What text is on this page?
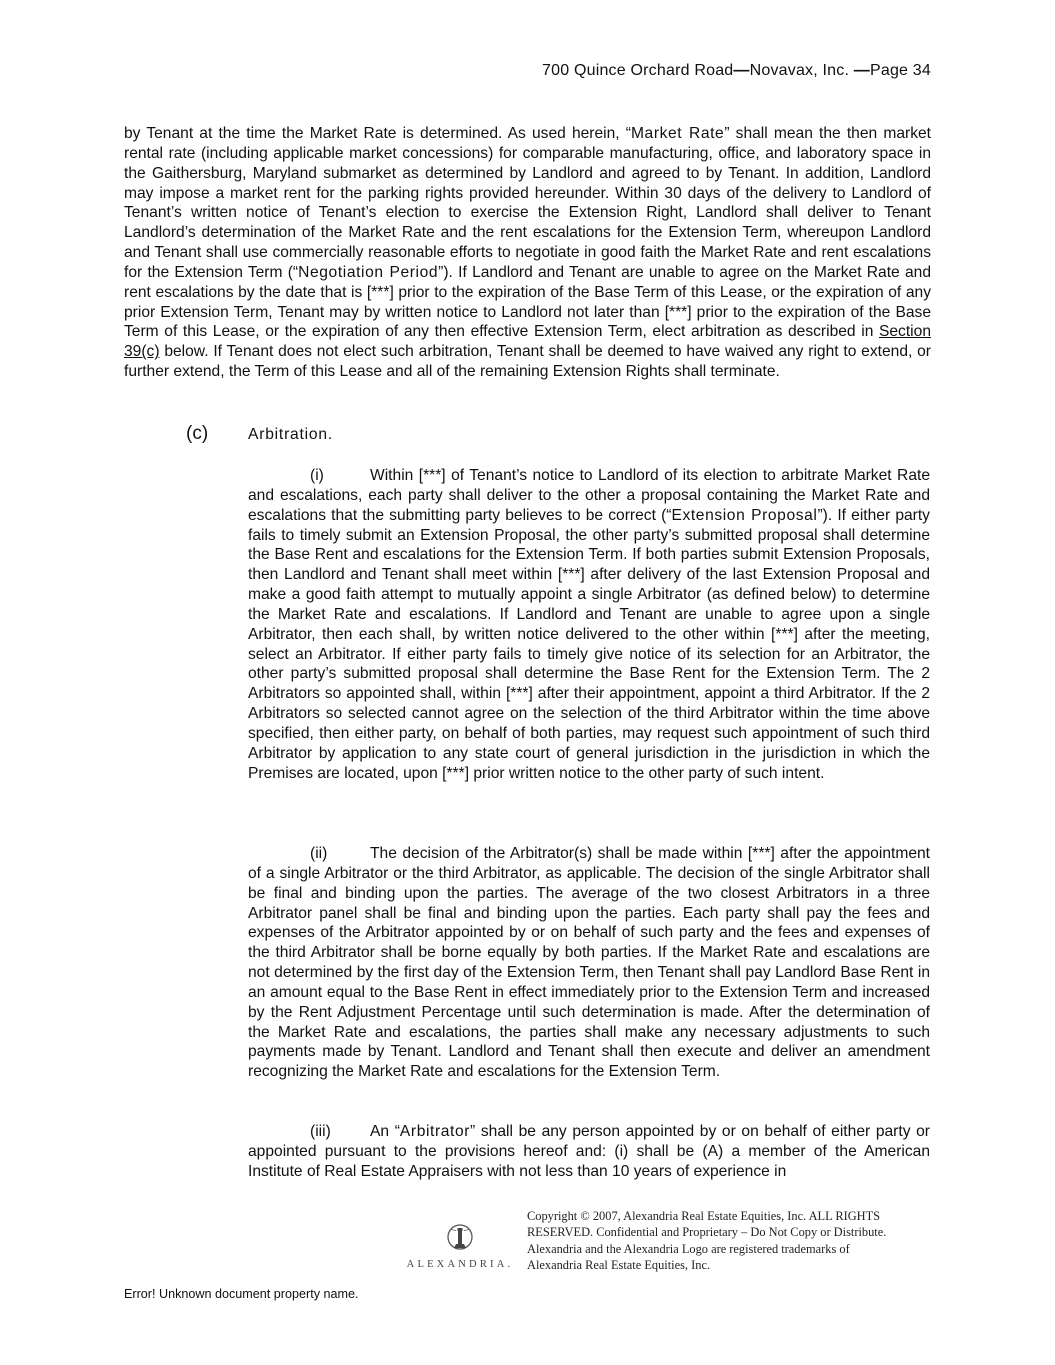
700 Quince Orchard Road—Novavax, Inc. —Page 34

by Tenant at the time the Market Rate is determined. As used herein, “Market Rate” shall mean the then market rental rate (including applicable market concessions) for comparable manufacturing, office, and laboratory space in the Gaithersburg, Maryland submarket as determined by Landlord and agreed to by Tenant. In addition, Landlord may impose a market rent for the parking rights provided hereunder. Within 30 days of the delivery to Landlord of Tenant’s written notice of Tenant’s election to exercise the Extension Right, Landlord shall deliver to Tenant Landlord’s determination of the Market Rate and the rent escalations for the Extension Term, whereupon Landlord and Tenant shall use commercially reasonable efforts to negotiate in good faith the Market Rate and rent escalations for the Extension Term (“Negotiation Period”). If Landlord and Tenant are unable to agree on the Market Rate and rent escalations by the date that is [***] prior to the expiration of the Base Term of this Lease, or the expiration of any prior Extension Term, Tenant may by written notice to Landlord not later than [***] prior to the expiration of the Base Term of this Lease, or the expiration of any then effective Extension Term, elect arbitration as described in Section 39(c) below. If Tenant does not elect such arbitration, Tenant shall be deemed to have waived any right to extend, or further extend, the Term of this Lease and all of the remaining Extension Rights shall terminate.

(c)	Arbitration.

(i)	Within [***] of Tenant’s notice to Landlord of its election to arbitrate Market Rate and escalations, each party shall deliver to the other a proposal containing the Market Rate and escalations that the submitting party believes to be correct (“Extension Proposal”). If either party fails to timely submit an Extension Proposal, the other party’s submitted proposal shall determine the Base Rent and escalations for the Extension Term. If both parties submit Extension Proposals, then Landlord and Tenant shall meet within [***] after delivery of the last Extension Proposal and make a good faith attempt to mutually appoint a single Arbitrator (as defined below) to determine the Market Rate and escalations. If Landlord and Tenant are unable to agree upon a single Arbitrator, then each shall, by written notice delivered to the other within [***] after the meeting, select an Arbitrator. If either party fails to timely give notice of its selection for an Arbitrator, the other party’s submitted proposal shall determine the Base Rent for the Extension Term. The 2 Arbitrators so appointed shall, within [***] after their appointment, appoint a third Arbitrator. If the 2 Arbitrators so selected cannot agree on the selection of the third Arbitrator within the time above specified, then either party, on behalf of both parties, may request such appointment of such third Arbitrator by application to any state court of general jurisdiction in the jurisdiction in which the Premises are located, upon [***] prior written notice to the other party of such intent.

(ii)	The decision of the Arbitrator(s) shall be made within [***] after the appointment of a single Arbitrator or the third Arbitrator, as applicable. The decision of the single Arbitrator shall be final and binding upon the parties. The average of the two closest Arbitrators in a three Arbitrator panel shall be final and binding upon the parties. Each party shall pay the fees and expenses of the Arbitrator appointed by or on behalf of such party and the fees and expenses of the third Arbitrator shall be borne equally by both parties. If the Market Rate and escalations are not determined by the first day of the Extension Term, then Tenant shall pay Landlord Base Rent in an amount equal to the Base Rent in effect immediately prior to the Extension Term and increased by the Rent Adjustment Percentage until such determination is made. After the determination of the Market Rate and escalations, the parties shall make any necessary adjustments to such payments made by Tenant. Landlord and Tenant shall then execute and deliver an amendment recognizing the Market Rate and escalations for the Extension Term.

(iii)	An “Arbitrator” shall be any person appointed by or on behalf of either party or appointed pursuant to the provisions hereof and: (i) shall be (A) a member of the American Institute of Real Estate Appraisers with not less than 10 years of experience in

ALEXANDRIA.
Copyright © 2007, Alexandria Real Estate Equities, Inc. ALL RIGHTS RESERVED. Confidential and Proprietary – Do Not Copy or Distribute. Alexandria and the Alexandria Logo are registered trademarks of Alexandria Real Estate Equities, Inc.
Error! Unknown document property name.
